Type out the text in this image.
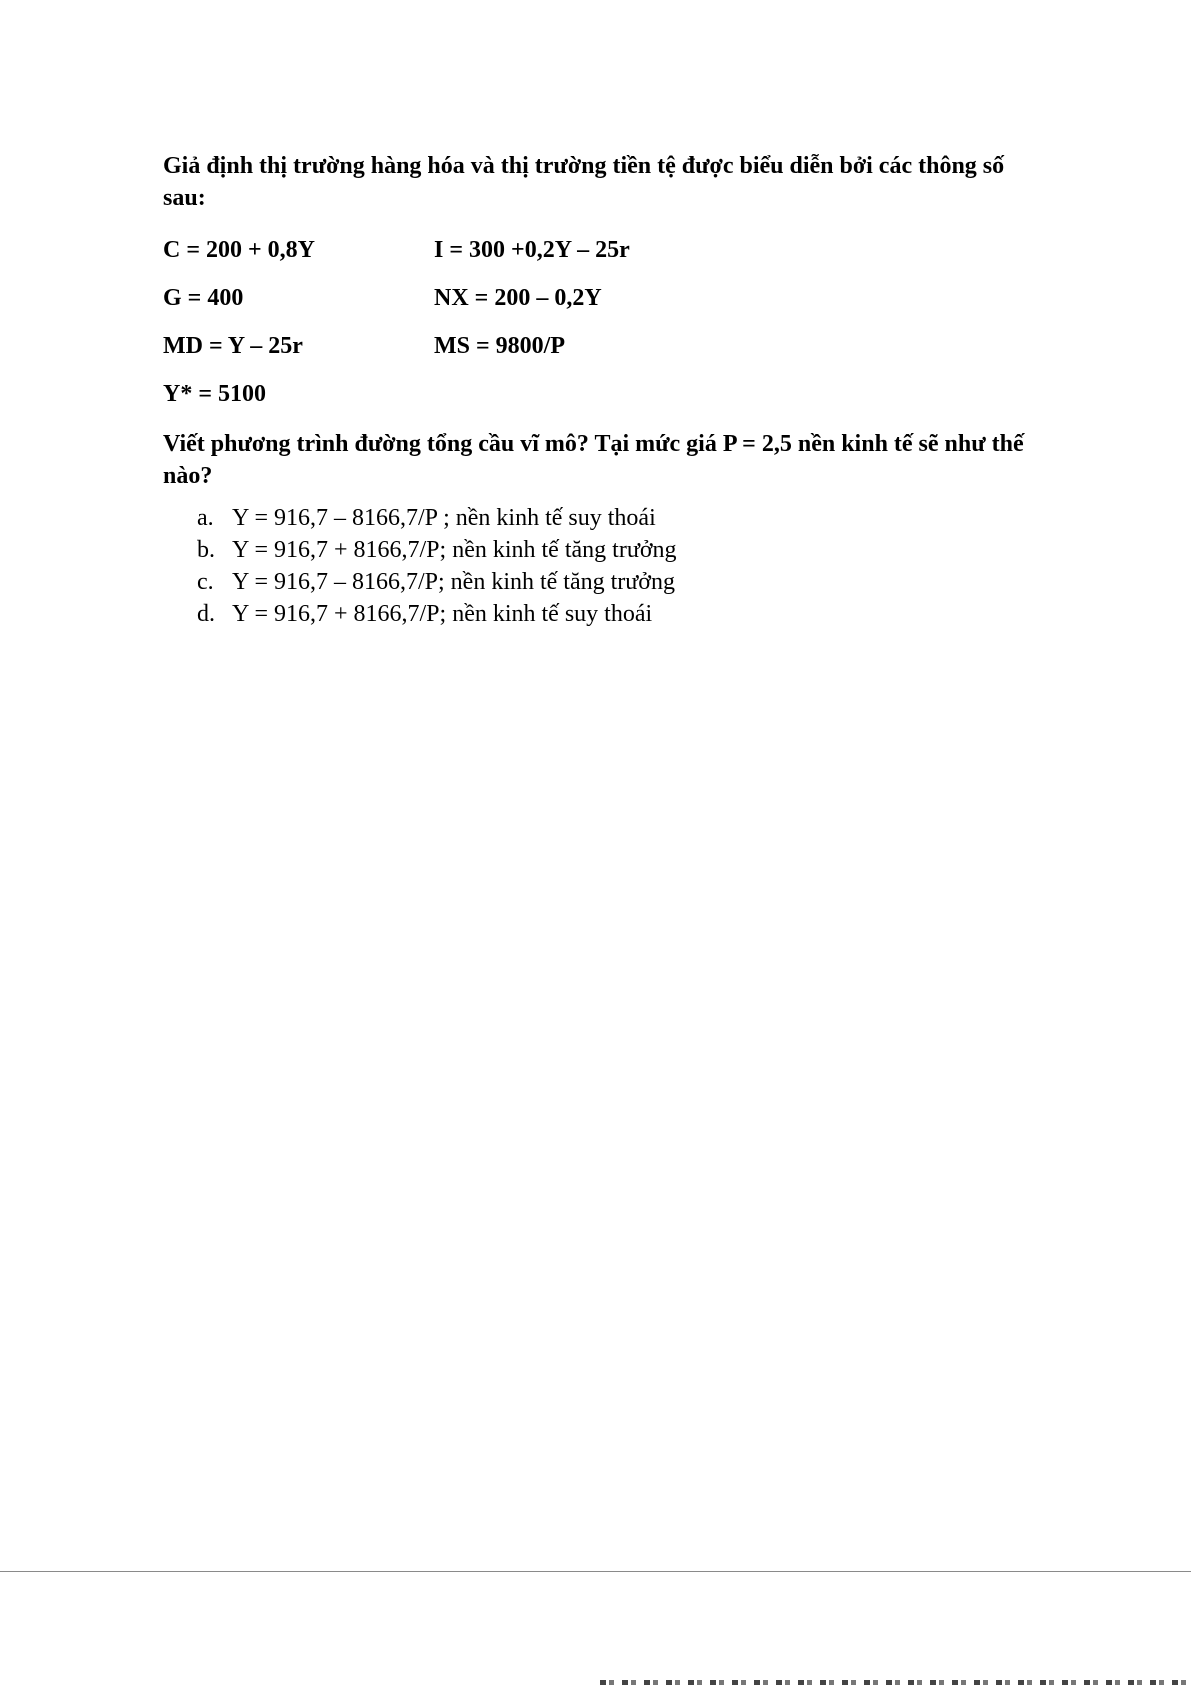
Giả định thị trường hàng hóa và thị trường tiền tệ được biểu diễn bởi các thông số sau:

C = 200 + 0,8Y	I = 300 +0,2Y – 25r
G = 400	NX = 200 – 0,2Y
MD = Y – 25r	MS = 9800/P
Y* = 5100

Viết phương trình đường tổng cầu vĩ mô? Tại mức giá P = 2,5 nền kinh tế sẽ như thế nào?

a. Y = 916,7 – 8166,7/P ; nền kinh tế suy thoái
b. Y = 916,7 + 8166,7/P; nền kinh tế tăng trưởng
c. Y = 916,7 – 8166,7/P; nền kinh tế tăng trưởng
d. Y = 916,7 + 8166,7/P; nền kinh tế suy thoái
